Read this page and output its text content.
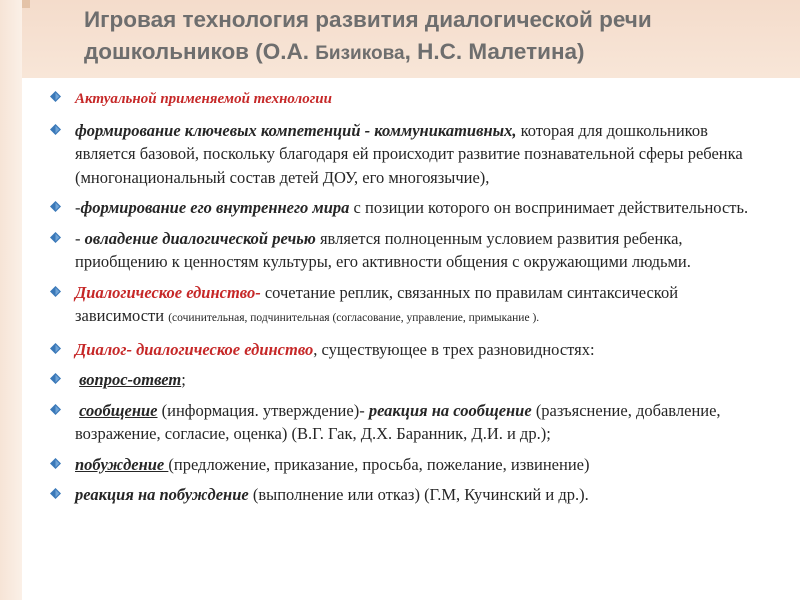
Игровая технология развития диалогической речи
дошкольников (О.А. Бизикова, Н.С. Малетина)
Актуальной применяемой технологии
формирование ключевых компетенций - коммуникативных, которая для дошкольников является базовой, поскольку благодаря ей происходит развитие познавательной сферы ребенка (многонациональный состав детей ДОУ, его многоязычие),
-формирование его внутреннего мира с позиции которого он воспринимает действительность.
- овладение диалогической речью является полноценным условием развития ребенка, приобщению к ценностям культуры, его активности общения с окружающими людьми.
Диалогическое единство- сочетание реплик, связанных по правилам синтаксической зависимости (сочинительная, подчинительная (согласование, управление, примыкание ).
Диалог- диалогическое единство, существующее в трех разновидностях:
вопрос-ответ;
сообщение (информация. утверждение)- реакция на сообщение (разъяснение, добавление, возражение, согласие, оценка) (В.Г. Гак, Д.Х. Баранник, Д.И. и др.);
побуждение (предложение, приказание, просьба, пожелание, извинение)
реакция на побуждение (выполнение или отказ) (Г.М, Кучинский и др.).
